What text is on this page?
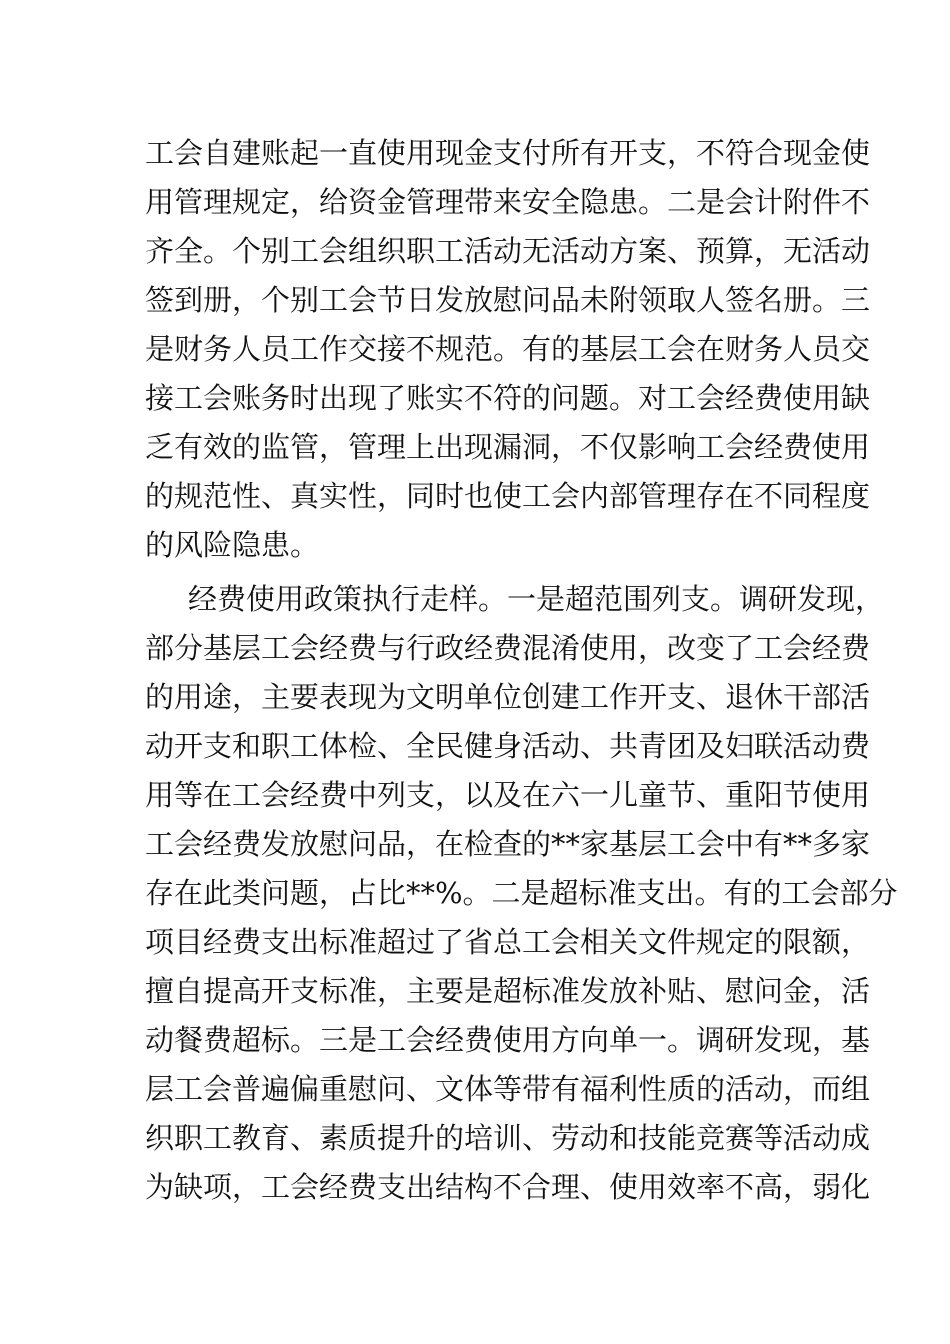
工会自建账起一直使用现金支付所有开支，不符合现金使
用管理规定，给资金管理带来安全隐患。二是会计附件不
齐全。个别工会组织职工活动无活动方案、预算，无活动
签到册，个别工会节日发放慰问品未附领取人签名册。三
是财务人员工作交接不规范。有的基层工会在财务人员交
接工会账务时出现了账实不符的问题。对工会经费使用缺
乏有效的监管，管理上出现漏洞，不仅影响工会经费使用
的规范性、真实性，同时也使工会内部管理存在不同程度
的风险隐患。
经费使用政策执行走样。一是超范围列支。调研发现，
部分基层工会经费与行政经费混淆使用，改变了工会经费
的用途，主要表现为文明单位创建工作开支、退休干部活
动开支和职工体检、全民健身活动、共青团及妇联活动费
用等在工会经费中列支，以及在六一儿童节、重阳节使用
工会经费发放慰问品，在检查的**家基层工会中有**多家
存在此类问题，占比**%。二是超标准支出。有的工会部分
项目经费支出标准超过了省总工会相关文件规定的限额，
擅自提高开支标准，主要是超标准发放补贴、慰问金，活
动餐费超标。三是工会经费使用方向单一。调研发现，基
层工会普遍偏重慰问、文体等带有福利性质的活动，而组
织职工教育、素质提升的培训、劳动和技能竞赛等活动成
为缺项，工会经费支出结构不合理、使用效率不高，弱化
